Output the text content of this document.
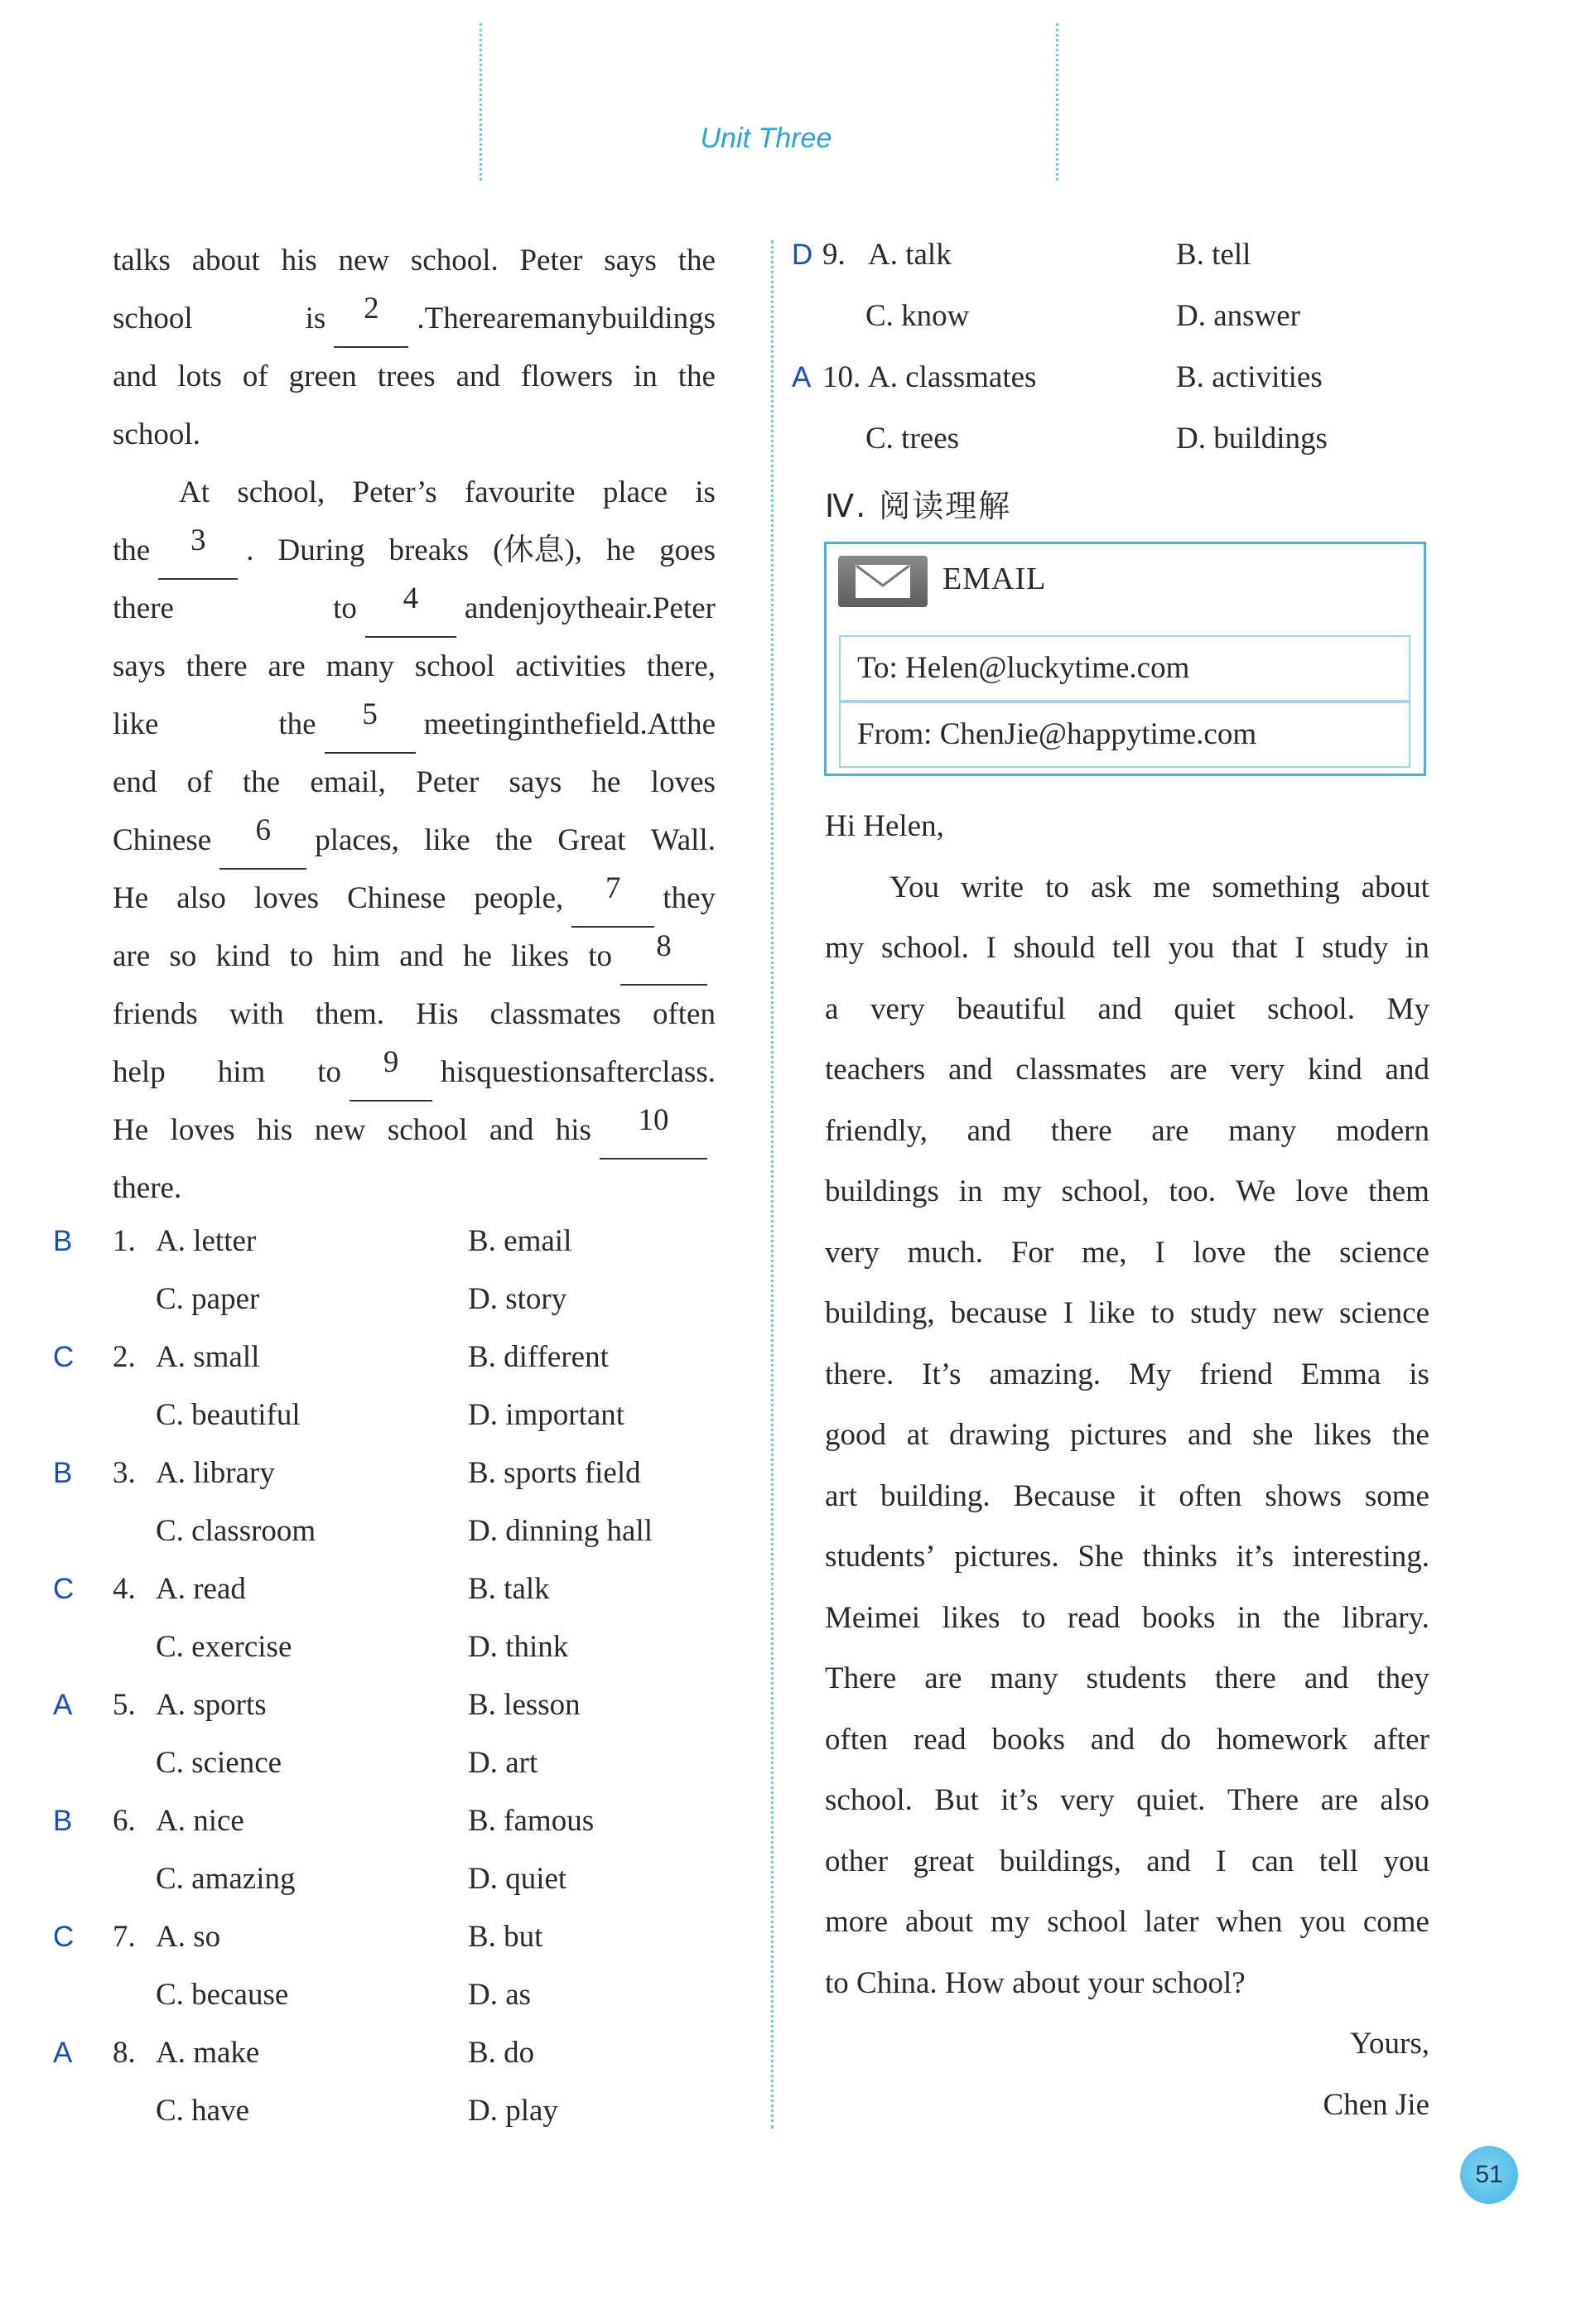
Unit Three
talks about his new school. Peter says the
school	is	2	. There are many buildings
and lots of green trees and flowers in the
school.
At school, Peter’s favourite place is
the	3	. During breaks (休息), he goes
there	to	4	and enjoy the air. Peter
says there are many school activities there,
like	the	5	meeting in the field. At the
end of the email, Peter says he loves
Chinese	6	places, like the Great Wall.
He also loves Chinese people,	7	they
are so kind to him and he likes to	8
friends with them. His classmates often
help him to	9	his questions after class.
He loves his new school and his	10
there.
B 1. A. letter	B. email
C. paper	D. story
C 2. A. small	B. different
C. beautiful	D. important
B 3. A. library	B. sports field
C. classroom	D. dinning hall
C 4. A. read	B. talk
C. exercise	D. think
A 5. A. sports	B. lesson
C. science	D. art
B 6. A. nice	B. famous
C. amazing	D. quiet
C 7. A. so	B. but
C. because	D. as
A 8. A. make	B. do
C. have	D. play
D 9. A. talk	B. tell
C. know	D. answer
A 10. A. classmates	B. activities
C. trees	D. buildings
Ⅳ. 阅读理解
EMAIL
To: Helen@luckytime.com
From: ChenJie@happytime.com
Hi Helen,
You write to ask me something about
my school. I should tell you that I study in
a very beautiful and quiet school. My
teachers and classmates are very kind and
friendly, and there are many modern
buildings in my school, too. We love them
very much. For me, I love the science
building, because I like to study new science
there. It’s amazing. My friend Emma is
good at drawing pictures and she likes the
art building. Because it often shows some
students’ pictures. She thinks it’s interesting.
Meimei likes to read books in the library.
There are many students there and they
often read books and do homework after
school. But it’s very quiet. There are also
other great buildings, and I can tell you
more about my school later when you come
to China. How about your school?
Yours,
Chen Jie
51
